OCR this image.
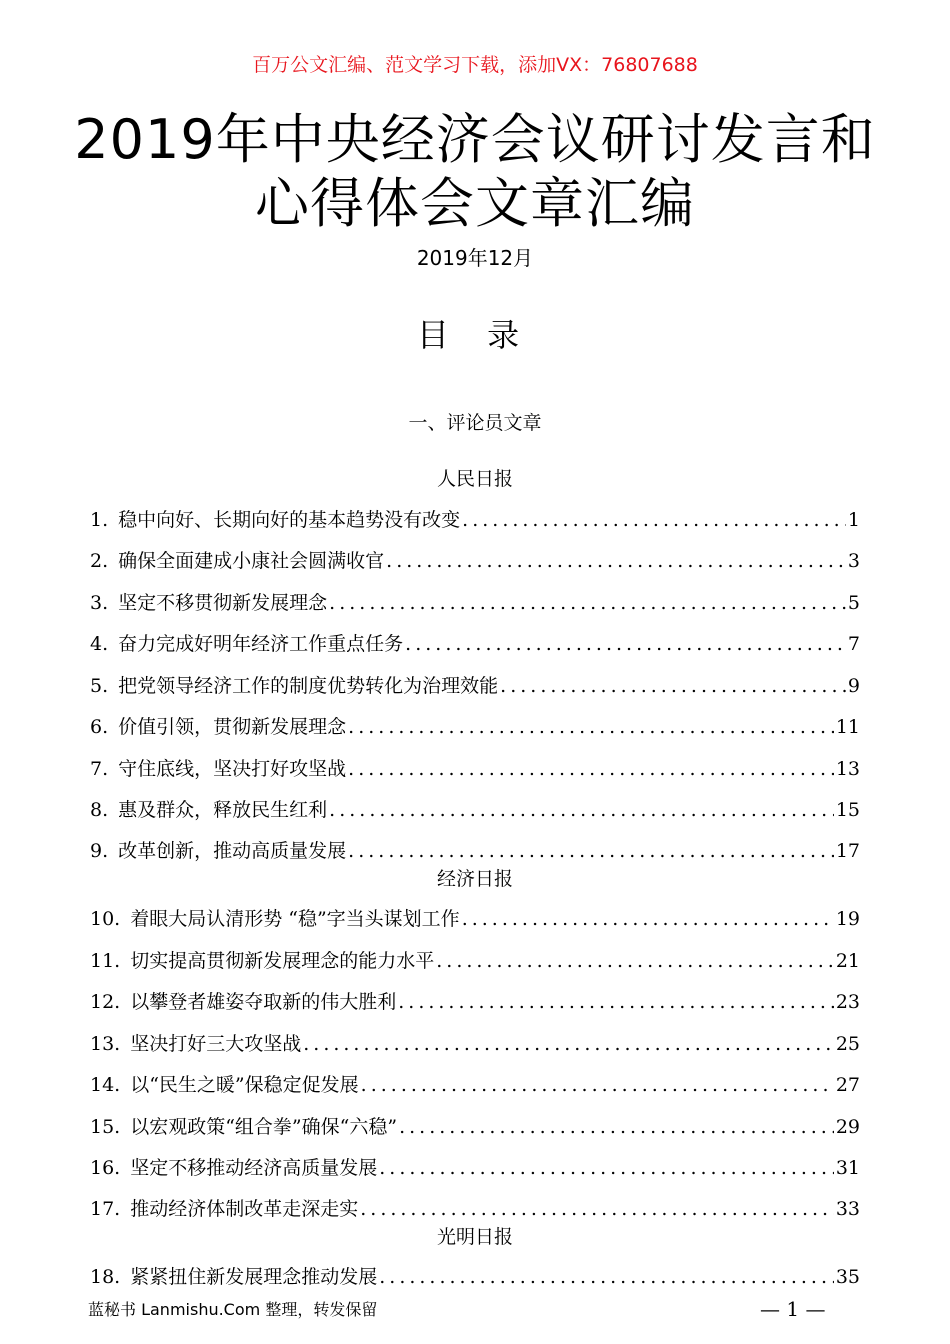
百万公文汇编、范文学习下载，添加VX：76807688
2019年中央经济会议研讨发言和心得体会文章汇编
2019年12月
目 录
一、评论员文章
人民日报
1. 稳中向好、长期向好的基本趋势没有改变 .....	1
2. 确保全面建成小康社会圆满收官 .....	3
3. 坚定不移贯彻新发展理念 .....	5
4. 奋力完成好明年经济工作重点任务 .....	7
5. 把党领导经济工作的制度优势转化为治理效能 .....	9
6. 价值引领，贯彻新发展理念 .....	11
7. 守住底线，坚决打好攻坚战 .....	13
8. 惠及群众，释放民生红利 .....	15
9. 改革创新，推动高质量发展 .....	17
经济日报
10. 着眼大局认清形势 “稳”字当头谋划工作 .....	19
11. 切实提高贯彻新发展理念的能力水平 .....	21
12. 以攀登者雄姿夺取新的伟大胜利 .....	23
13. 坚决打好三大攻坚战 .....	25
14. 以“民生之暖”保稳定促发展 .....	27
15. 以宏观政策“组合拳”确保“六稳” .....	29
16. 坚定不移推动经济高质量发展 .....	31
17. 推动经济体制改革走深走实 .....	33
光明日报
18. 紧紧扭住新发展理念推动发展 .....	35
蓝秘书 Lanmishu.Com 整理，转发保留	— 1 —
